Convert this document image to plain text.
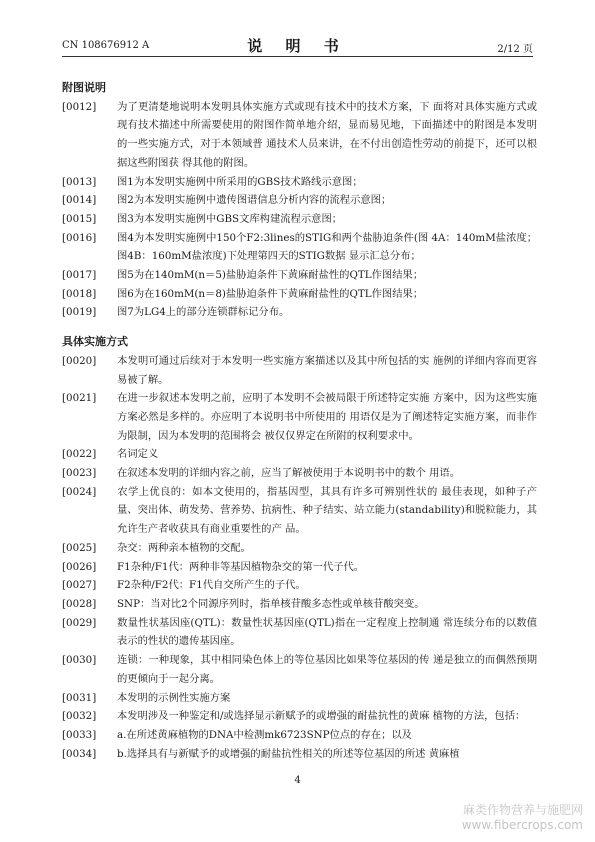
CN 108676912 A	说 明 书	2/12 页

附图说明

[0012] 为了更清楚地说明本发明具体实施方式或现有技术中的技术方案，下 面将对具体实施方式或现有技术描述中所需要使用的附图作简单地介绍，显而易见地，下面描述中的附图是本发明的一些实施方式，对于本领域普 通技术人员来讲，在不付出创造性劳动的前提下，还可以根据这些附图获 得其他的附图。

[0013] 图1为本发明实施例中所采用的GBS技术路线示意图；

[0014] 图2为本发明实施例中遗传图谱信息分析内容的流程示意图；

[0015] 图3为本发明实施例中GBS文库构建流程示意图；

[0016] 图4为本发明实施例中150个F2:3lines的STIG和两个盐胁迫条件(图 4A：140mM盐浓度；图4B：160mM盐浓度)下处理第四天的STIG数据 显示汇总分布；

[0017] 图5为在140mM(n＝5)盐胁迫条件下黄麻耐盐性的QTL作图结果；

[0018] 图6为在160mM(n＝8)盐胁迫条件下黄麻耐盐性的QTL作图结果；

[0019] 图7为LG4上的部分连锁群标记分布。

具体实施方式

[0020] 本发明可通过后续对于本发明一些实施方案描述以及其中所包括的实 施例的详细内容而更容易被了解。

[0021] 在进一步叙述本发明之前，应明了本发明不会被局限于所述特定实施 方案中，因为这些实施方案必然是多样的。亦应明了本说明书中所使用的 用语仅是为了阐述特定实施方案，而非作为限制，因为本发明的范围将会 被仅仅界定在所附的权利要求中。

[0022] 名词定义

[0023] 在叙述本发明的详细内容之前，应当了解被使用于本说明书中的数个 用语。

[0024] 农学上优良的：如本文使用的，指基因型，其具有许多可辨别性状的 最佳表现，如种子产量、突出体、萌发势、营养势、抗病性、种子结实、站立能力(standability)和脱粒能力，其允许生产者收获具有商业重要性的产 品。

[0025] 杂交：两种亲本植物的交配。

[0026] F1杂种/F1代：两种非等基因植物杂交的第一代子代。

[0027] F2杂种/F2代：F1代自交所产生的子代。

[0028] SNP：当对比2个同源序列时，指单核苷酸多态性或单核苷酸突变。

[0029] 数量性状基因座(QTL)：数量性状基因座(QTL)指在一定程度上控制通 常连续分布的以数值表示的性状的遗传基因座。

[0030] 连锁：一种现象，其中相同染色体上的等位基因比如果等位基因的传 递是独立的而偶然预期的更倾向于一起分离。

[0031] 本发明的示例性实施方案

[0032] 本发明涉及一种鉴定和/或选择显示新赋予的或增强的耐盐抗性的黄麻 植物的方法，包括：

[0033] a.在所述黄麻植物的DNA中检测mk6723SNP位点的存在；以及

[0034] b.选择具有与新赋予的或增强的耐盐抗性相关的所述等位基因的所述 黄麻植

4
麻类作物营养与施肥网
www.fibercrops.com
